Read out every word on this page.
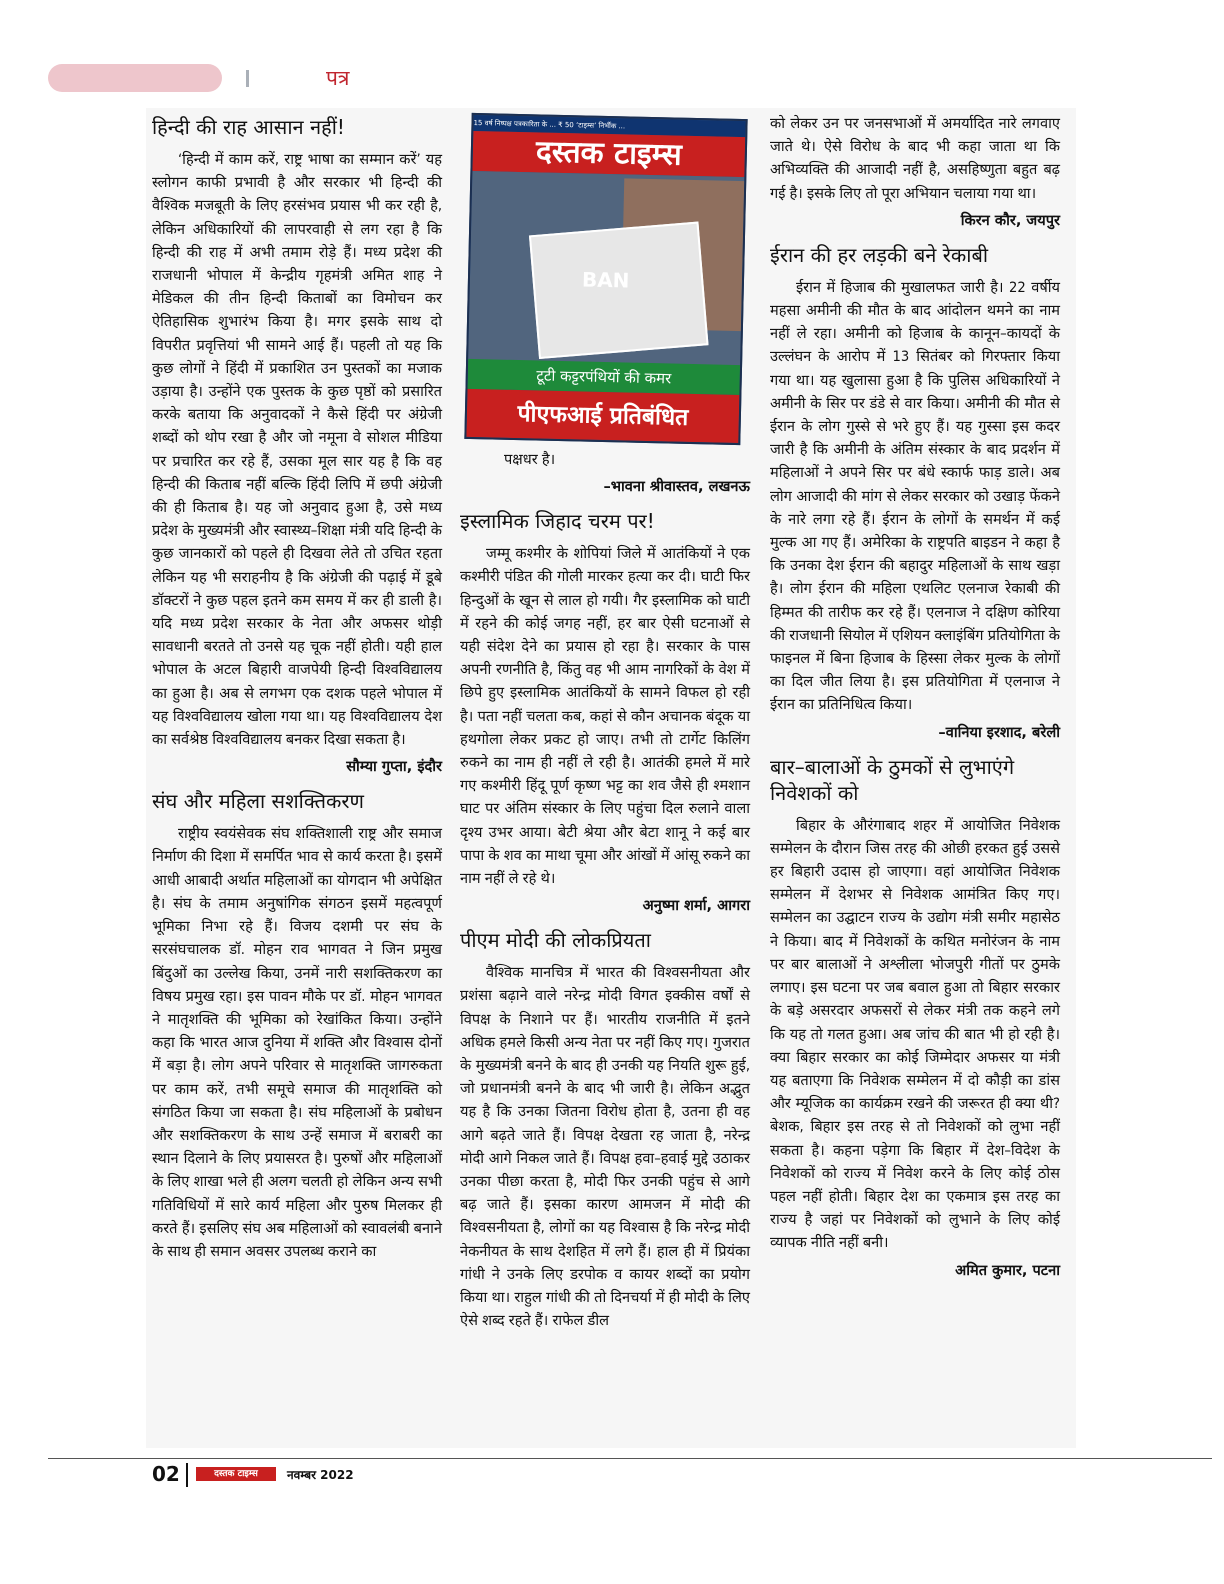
पत्र
हिन्दी की राह आसान नहीं!

‘हिन्दी में काम करें, राष्ट्र भाषा का सम्मान करें’ यह स्लोगन काफी प्रभावी है और सरकार भी हिन्दी की वैश्विक मजबूती के लिए हरसंभव प्रयास भी कर रही है, लेकिन अधिकारियों की लापरवाही से लग रहा है कि हिन्दी की राह में अभी तमाम रोड़े हैं। मध्य प्रदेश की राजधानी भोपाल में केन्द्रीय गृहमंत्री अमित शाह ने मेडिकल की तीन हिन्दी किताबों का विमोचन कर ऐतिहासिक शुभारंभ किया है। मगर इसके साथ दो विपरीत प्रवृत्तियां भी सामने आई हैं। पहली तो यह कि कुछ लोगों ने हिंदी में प्रकाशित उन पुस्तकों का मजाक उड़ाया है। उन्होंने एक पुस्तक के कुछ पृष्ठों को प्रसारित करके बताया कि अनुवादकों ने कैसे हिंदी पर अंग्रेजी शब्दों को थोप रखा है और जो नमूना वे सोशल मीडिया पर प्रचारित कर रहे हैं, उसका मूल सार यह है कि वह हिन्दी की किताब नहीं बल्कि हिंदी लिपि में छपी अंग्रेजी की ही किताब है। यह जो अनुवाद हुआ है, उसे मध्य प्रदेश के मुख्यमंत्री और स्वास्थ्य–शिक्षा मंत्री यदि हिन्दी के कुछ जानकारों को पहले ही दिखवा लेते तो उचित रहता लेकिन यह भी सराहनीय है कि अंग्रेजी की पढ़ाई में डूबे डॉक्टरों ने कुछ पहल इतने कम समय में कर ही डाली है। यदि मध्य प्रदेश सरकार के नेता और अफसर थोड़ी सावधानी बरतते तो उनसे यह चूक नहीं होती। यही हाल भोपाल के अटल बिहारी वाजपेयी हिन्दी विश्वविद्यालय का हुआ है। अब से लगभग एक दशक पहले भोपाल में यह विश्वविद्यालय खोला गया था। यह विश्वविद्यालय देश का सर्वश्रेष्ठ विश्वविद्यालय बनकर दिखा सकता है।

सौम्या गुप्ता, इंदौर
संघ और महिला सशक्तिकरण

राष्ट्रीय स्वयंसेवक संघ शक्तिशाली राष्ट्र और समाज निर्माण की दिशा में समर्पित भाव से कार्य करता है। इसमें आधी आबादी अर्थात महिलाओं का योगदान भी अपेक्षित है। संघ के तमाम अनुषांगिक संगठन इसमें महत्वपूर्ण भूमिका निभा रहे हैं। विजय दशमी पर संघ के सरसंघचालक डॉ. मोहन राव भागवत ने जिन प्रमुख बिंदुओं का उल्लेख किया, उनमें नारी सशक्तिकरण का विषय प्रमुख रहा। इस पावन मौके पर डॉ. मोहन भागवत ने मातृशक्ति की भूमिका को रेखांकित किया। उन्होंने कहा कि भारत आज दुनिया में शक्ति और विश्वास दोनों में बड़ा है। लोग अपने परिवार से मातृशक्ति जागरुकता पर काम करें, तभी समूचे समाज की मातृशक्ति को संगठित किया जा सकता है। संघ महिलाओं के प्रबोधन और सशक्तिकरण के साथ उन्हें समाज में बराबरी का स्थान दिलाने के लिए प्रयासरत है। पुरुषों और महिलाओं के लिए शाखा भले ही अलग चलती हो लेकिन अन्य सभी गतिविधियों में सारे कार्य महिला और पुरुष मिलकर ही करते हैं। इसलिए संघ अब महिलाओं को स्वावलंबी बनाने के साथ ही समान अवसर उपलब्ध कराने का

15 वर्ष निष्पक्ष पत्रकारिता के ... ₹ 50 ‘टाइम्स’ निर्भीक ...
दस्तक टाइम्स
BAN
टूटी कट्टरपंथियों की कमर
पीएफआई प्रतिबंधित

पक्षधर है।

–भावना श्रीवास्तव, लखनऊ
इस्लामिक जिहाद चरम पर!

जम्मू कश्मीर के शोपियां जिले में आतंकियों ने एक कश्मीरी पंडित की गोली मारकर हत्या कर दी। घाटी फिर हिन्दुओं के खून से लाल हो गयी। गैर इस्लामिक को घाटी में रहने की कोई जगह नहीं, हर बार ऐसी घटनाओं से यही संदेश देने का प्रयास हो रहा है। सरकार के पास अपनी रणनीति है, किंतु वह भी आम नागरिकों के वेश में छिपे हुए इस्लामिक आतंकियों के सामने विफल हो रही है। पता नहीं चलता कब, कहां से कौन अचानक बंदूक या हथगोला लेकर प्रकट हो जाए। तभी तो टार्गेट किलिंग रुकने का नाम ही नहीं ले रही है। आतंकी हमले में मारे गए कश्मीरी हिंदू पूर्ण कृष्ण भट्ट का शव जैसे ही श्मशान घाट पर अंतिम संस्कार के लिए पहुंचा दिल रुलाने वाला दृश्य उभर आया। बेटी श्रेया और बेटा शानू ने कई बार पापा के शव का माथा चूमा और आंखों में आंसू रुकने का नाम नहीं ले रहे थे।

अनुष्मा शर्मा, आगरा
पीएम मोदी की लोकप्रियता

वैश्विक मानचित्र में भारत की विश्वसनीयता और प्रशंसा बढ़ाने वाले नरेन्द्र मोदी विगत इक्कीस वर्षों से विपक्ष के निशाने पर हैं। भारतीय राजनीति में इतने अधिक हमले किसी अन्य नेता पर नहीं किए गए। गुजरात के मुख्यमंत्री बनने के बाद ही उनकी यह नियति शुरू हुई, जो प्रधानमंत्री बनने के बाद भी जारी है। लेकिन अद्भुत यह है कि उनका जितना विरोध होता है, उतना ही वह आगे बढ़ते जाते हैं। विपक्ष देखता रह जाता है, नरेन्द्र मोदी आगे निकल जाते हैं। विपक्ष हवा–हवाई मुद्दे उठाकर उनका पीछा करता है, मोदी फिर उनकी पहुंच से आगे बढ़ जाते हैं। इसका कारण आमजन में मोदी की विश्वसनीयता है, लोगों का यह विश्वास है कि नरेन्द्र मोदी नेकनीयत के साथ देशहित में लगे हैं। हाल ही में प्रियंका गांधी ने उनके लिए डरपोक व कायर शब्दों का प्रयोग किया था। राहुल गांधी की तो दिनचर्या में ही मोदी के लिए ऐसे शब्द रहते हैं। राफेल डील

को लेकर उन पर जनसभाओं में अमर्यादित नारे लगवाए जाते थे। ऐसे विरोध के बाद भी कहा जाता था कि अभिव्यक्ति की आजादी नहीं है, असहिष्णुता बहुत बढ़ गई है। इसके लिए तो पूरा अभियान चलाया गया था।

किरन कौर, जयपुर
ईरान की हर लड़की बने रेकाबी

ईरान में हिजाब की मुखालफत जारी है। 22 वर्षीय महसा अमीनी की मौत के बाद आंदोलन थमने का नाम नहीं ले रहा। अमीनी को हिजाब के कानून–कायदों के उल्लंघन के आरोप में 13 सितंबर को गिरफ्तार किया गया था। यह खुलासा हुआ है कि पुलिस अधिकारियों ने अमीनी के सिर पर डंडे से वार किया। अमीनी की मौत से ईरान के लोग गुस्से से भरे हुए हैं। यह गुस्सा इस कदर जारी है कि अमीनी के अंतिम संस्कार के बाद प्रदर्शन में महिलाओं ने अपने सिर पर बंधे स्कार्फ फाड़ डाले। अब लोग आजादी की मांग से लेकर सरकार को उखाड़ फेंकने के नारे लगा रहे हैं। ईरान के लोगों के समर्थन में कई मुल्क आ गए हैं। अमेरिका के राष्ट्रपति बाइडन ने कहा है कि उनका देश ईरान की बहादुर महिलाओं के साथ खड़ा है। लोग ईरान की महिला एथलिट एलनाज रेकाबी की हिम्मत की तारीफ कर रहे हैं। एलनाज ने दक्षिण कोरिया की राजधानी सियोल में एशियन क्लाइंबिंग प्रतियोगिता के फाइनल में बिना हिजाब के हिस्सा लेकर मुल्क के लोगों का दिल जीत लिया है। इस प्रतियोगिता में एलनाज ने ईरान का प्रतिनिधित्व किया।

–वानिया इरशाद, बरेली
बार–बालाओं के ठुमकों से लुभाएंगे निवेशकों को

बिहार के औरंगाबाद शहर में आयोजित निवेशक सम्मेलन के दौरान जिस तरह की ओछी हरकत हुई उससे हर बिहारी उदास हो जाएगा। वहां आयोजित निवेशक सम्मेलन में देशभर से निवेशक आमंत्रित किए गए। सम्मेलन का उद्घाटन राज्य के उद्योग मंत्री समीर महासेठ ने किया। बाद में निवेशकों के कथित मनोरंजन के नाम पर बार बालाओं ने अश्लीला भोजपुरी गीतों पर ठुमके लगाए। इस घटना पर जब बवाल हुआ तो बिहार सरकार के बड़े असरदार अफसरों से लेकर मंत्री तक कहने लगे कि यह तो गलत हुआ। अब जांच की बात भी हो रही है। क्या बिहार सरकार का कोई जिम्मेदार अफसर या मंत्री यह बताएगा कि निवेशक सम्मेलन में दो कौड़ी का डांस और म्यूजिक का कार्यक्रम रखने की जरूरत ही क्या थी? बेशक, बिहार इस तरह से तो निवेशकों को लुभा नहीं सकता है। कहना पड़ेगा कि बिहार में देश–विदेश के निवेशकों को राज्य में निवेश करने के लिए कोई ठोस पहल नहीं होती। बिहार देश का एकमात्र इस तरह का राज्य है जहां पर निवेशकों को लुभाने के लिए कोई व्यापक नीति नहीं बनी।

अमित कुमार, पटना
02	दस्तक टाइम्स	नवम्बर 2022
